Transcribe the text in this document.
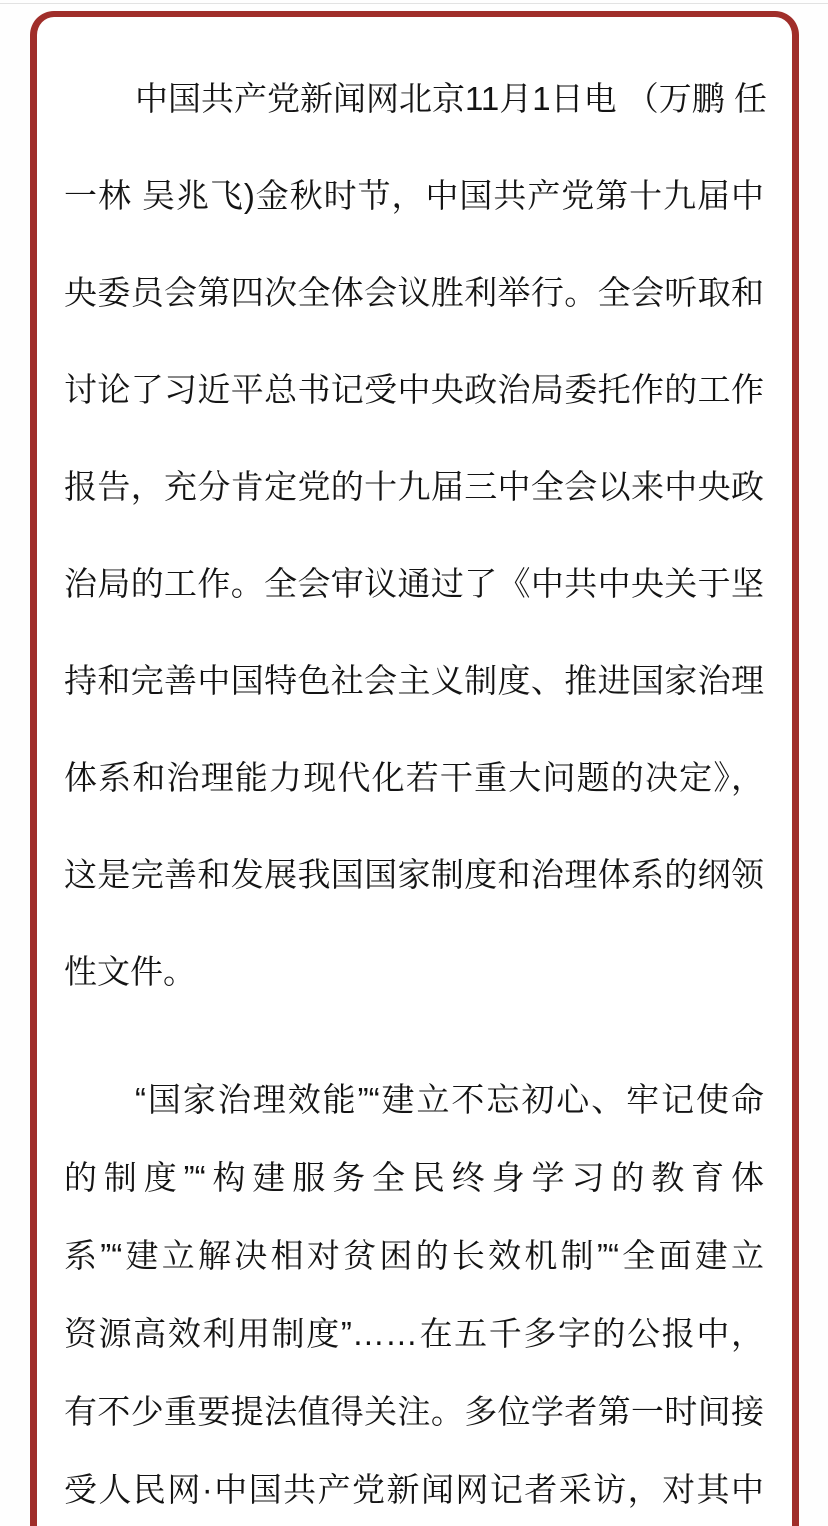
中国共产党新闻网北京11月1日电 （万鹏 任
一林 吴兆飞)金秋时节，中国共产党第十九届中
央委员会第四次全体会议胜利举行。全会听取和
讨论了习近平总书记受中央政治局委托作的工作
报告，充分肯定党的十九届三中全会以来中央政
治局的工作。全会审议通过了《中共中央关于坚
持和完善中国特色社会主义制度、推进国家治理
体系和治理能力现代化若干重大问题的决定》，
这是完善和发展我国国家制度和治理体系的纲领
性文件。
“国家治理效能”“建立不忘初心、牢记使命
的制度”“构建服务全民终身学习的教育体
系”“建立解决相对贫困的长效机制”“全面建立
资源高效利用制度”……在五千多字的公报中，
有不少重要提法值得关注。多位学者第一时间接
受人民网·中国共产党新闻网记者采访，对其中
